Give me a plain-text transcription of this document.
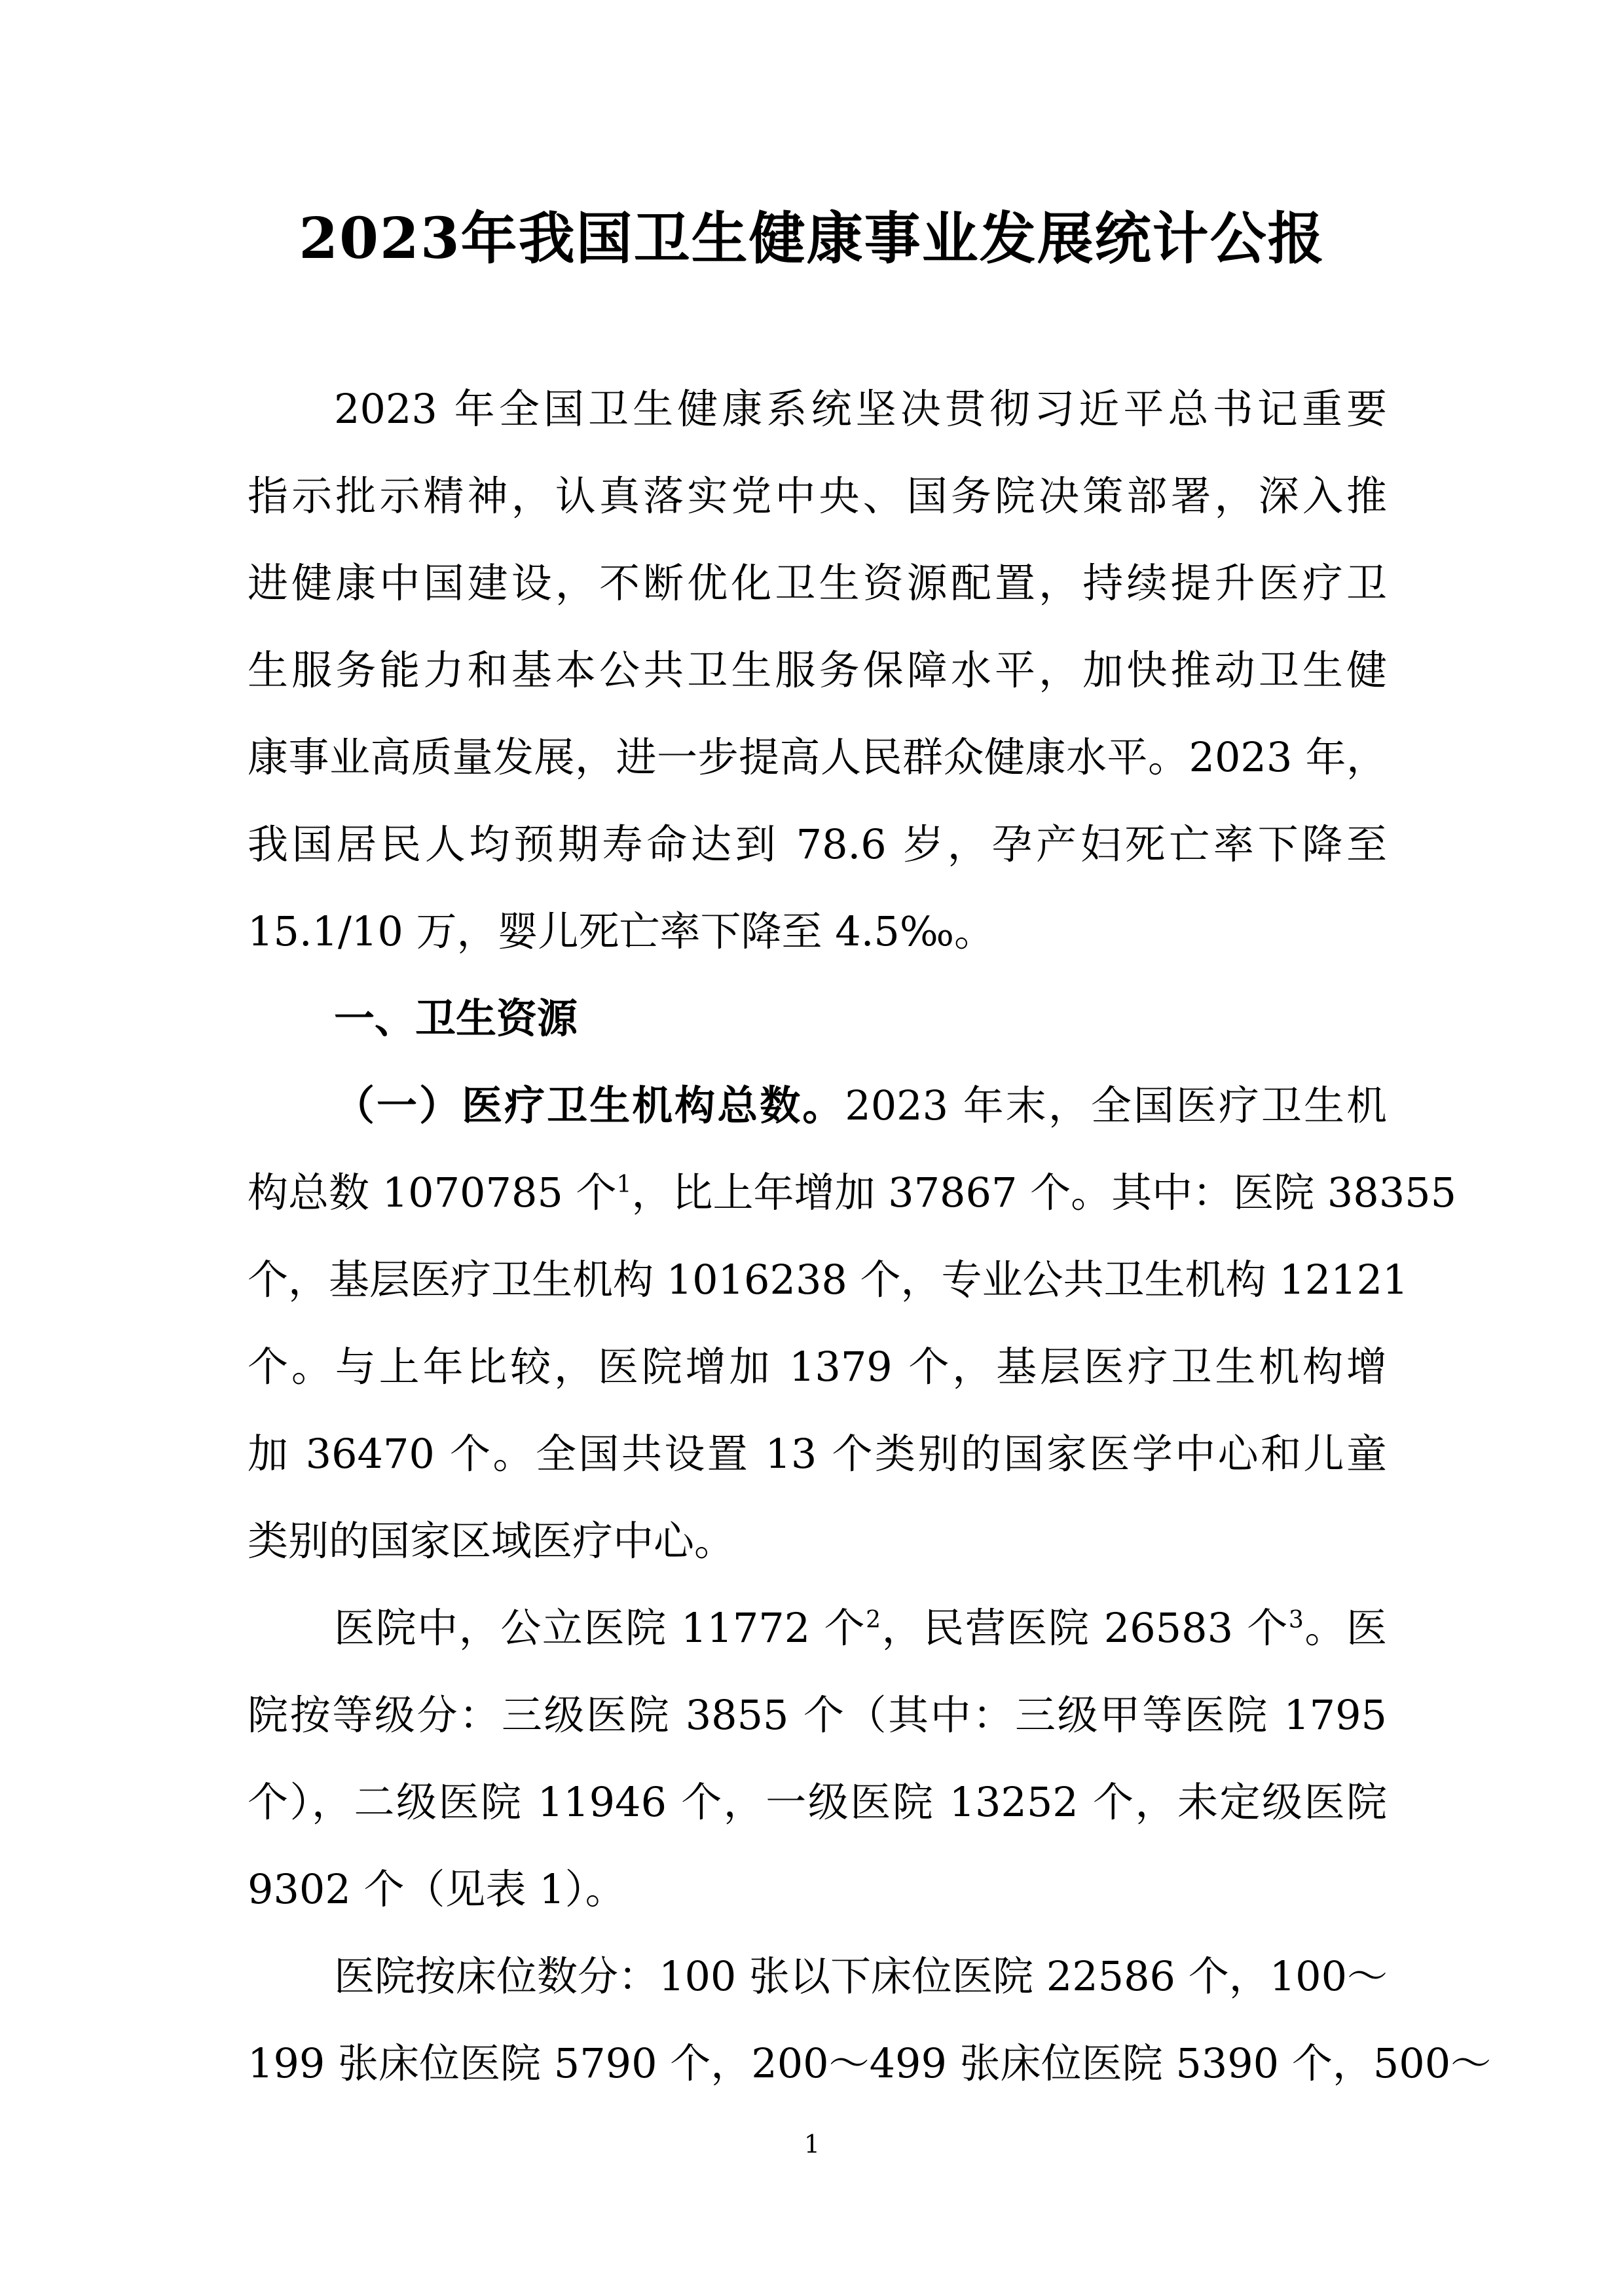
2023年我国卫生健康事业发展统计公报
2023 年全国卫生健康系统坚决贯彻习近平总书记重要
指示批示精神，认真落实党中央、国务院决策部署，深入推
进健康中国建设，不断优化卫生资源配置，持续提升医疗卫
生服务能力和基本公共卫生服务保障水平，加快推动卫生健
康事业高质量发展，进一步提高人民群众健康水平。2023 年，
我国居民人均预期寿命达到 78.6 岁，孕产妇死亡率下降至
15.1/10 万，婴儿死亡率下降至 4.5‰。
一、卫生资源
（一）医疗卫生机构总数。2023 年末，全国医疗卫生机
构总数 1070785 个$^1$，比上年增加 37867 个。其中：医院 38355
个，基层医疗卫生机构 1016238 个，专业公共卫生机构 12121
个。与上年比较，医院增加 1379 个，基层医疗卫生机构增
加 36470 个。全国共设置 13 个类别的国家医学中心和儿童
类别的国家区域医疗中心。
医院中，公立医院 11772 个$^2$，民营医院 26583 个$^3$。医
院按等级分：三级医院 3855 个（其中：三级甲等医院 1795
个），二级医院 11946 个，一级医院 13252 个，未定级医院
9302 个（见表 1）。
医院按床位数分：100 张以下床位医院 22586 个，100～
199 张床位医院 5790 个，200～499 张床位医院 5390 个，500～
1
